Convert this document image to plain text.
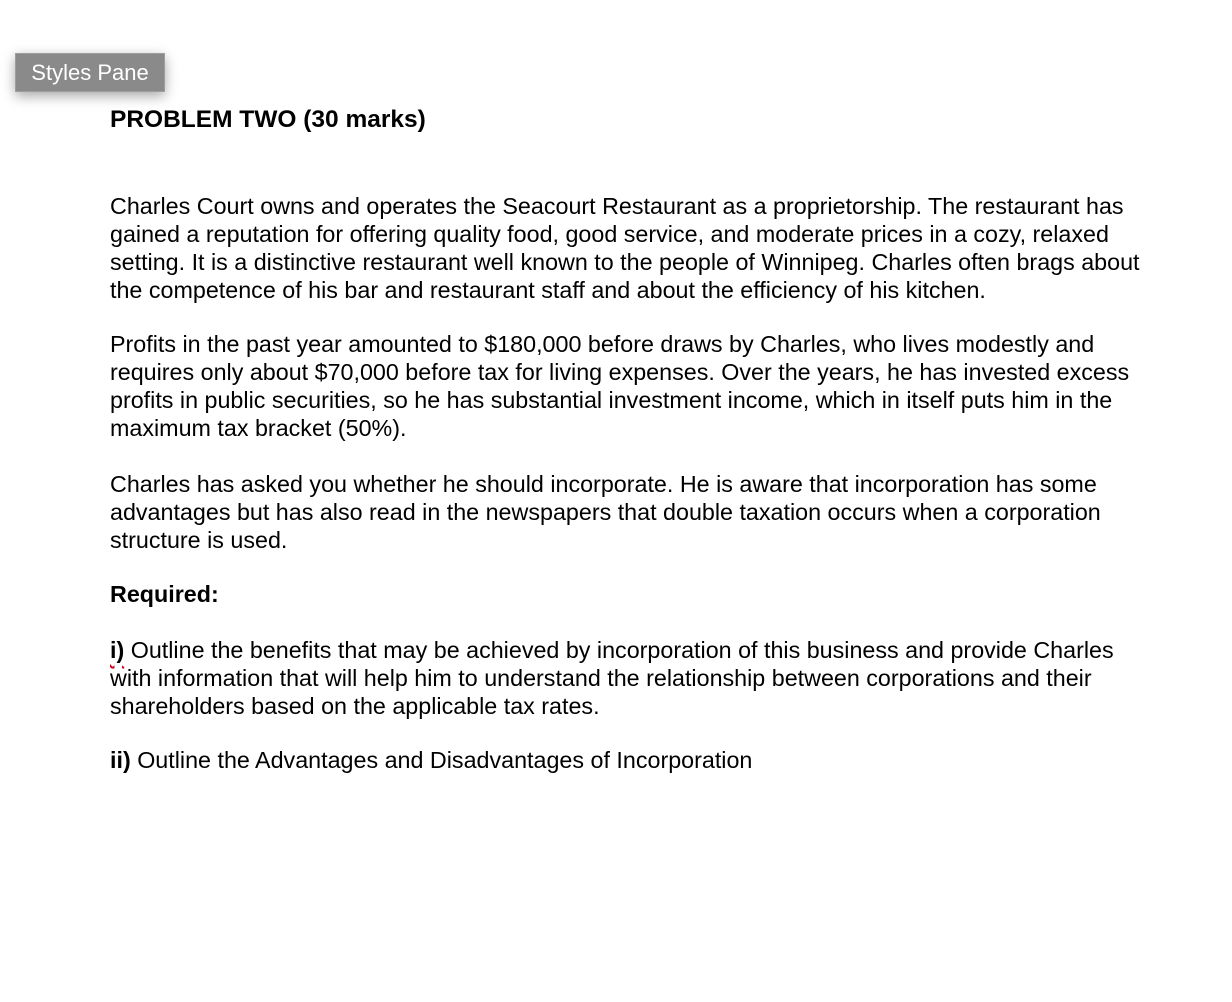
Styles Pane
PROBLEM TWO (30 marks)

Charles Court owns and operates the Seacourt Restaurant as a proprietorship. The restaurant has gained a reputation for offering quality food, good service, and moderate prices in a cozy, relaxed setting. It is a distinctive restaurant well known to the people of Winnipeg. Charles often brags about the competence of his bar and restaurant staff and about the efficiency of his kitchen.

Profits in the past year amounted to $180,000 before draws by Charles, who lives modestly and requires only about $70,000 before tax for living expenses. Over the years, he has invested excess profits in public securities, so he has substantial investment income, which in itself puts him in the maximum tax bracket (50%).

Charles has asked you whether he should incorporate. He is aware that incorporation has some advantages but has also read in the newspapers that double taxation occurs when a corporation structure is used.

Required:

i) Outline the benefits that may be achieved by incorporation of this business and provide Charles with information that will help him to understand the relationship between corporations and their shareholders based on the applicable tax rates.

ii) Outline the Advantages and Disadvantages of Incorporation
